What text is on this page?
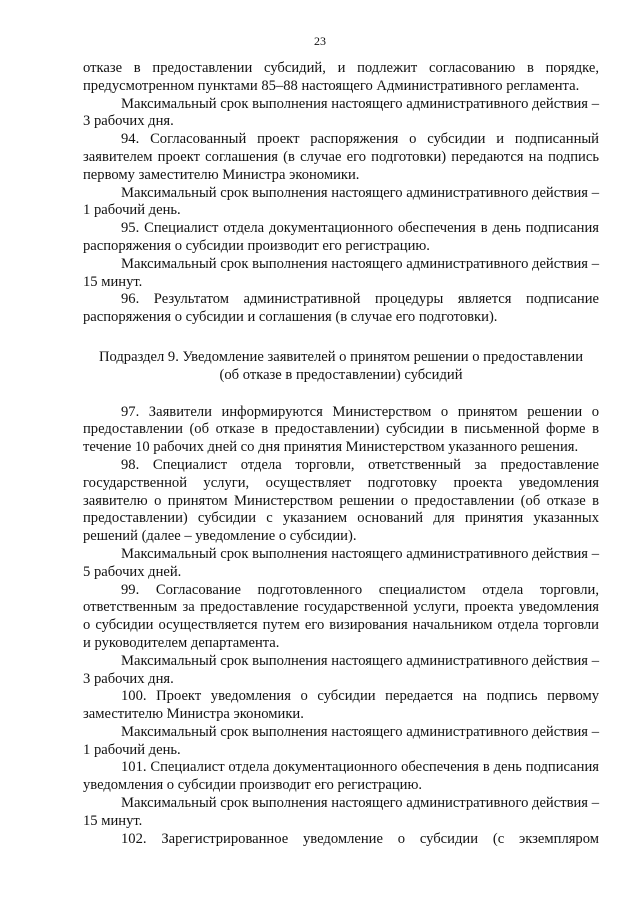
23

отказе в предоставлении субсидий, и подлежит согласованию в порядке, предусмотренном пунктами 85–88 настоящего Административного регламента.

Максимальный срок выполнения настоящего административного действия – 3 рабочих дня.

94. Согласованный проект распоряжения о субсидии и подписанный заявителем проект соглашения (в случае его подготовки) передаются на подпись первому заместителю Министра экономики.

Максимальный срок выполнения настоящего административного действия – 1 рабочий день.

95. Специалист отдела документационного обеспечения в день подписания распоряжения о субсидии производит его регистрацию.

Максимальный срок выполнения настоящего административного действия – 15 минут.

96. Результатом административной процедуры является подписание распоряжения о субсидии и соглашения (в случае его подготовки).

Подраздел 9. Уведомление заявителей о принятом решении о предоставлении
(об отказе в предоставлении) субсидий

97. Заявители информируются Министерством о принятом решении о предоставлении (об отказе в предоставлении) субсидии в письменной форме в течение 10 рабочих дней со дня принятия Министерством указанного решения.

98. Специалист отдела торговли, ответственный за предоставление государственной услуги, осуществляет подготовку проекта уведомления заявителю о принятом Министерством решении о предоставлении (об отказе в предоставлении) субсидии с указанием оснований для принятия указанных решений (далее – уведомление о субсидии).

Максимальный срок выполнения настоящего административного действия – 5 рабочих дней.

99. Согласование подготовленного специалистом отдела торговли, ответственным за предоставление государственной услуги, проекта уведомления о субсидии осуществляется путем его визирования начальником отдела торговли и руководителем департамента.

Максимальный срок выполнения настоящего административного действия – 3 рабочих дня.

100. Проект уведомления о субсидии передается на подпись первому заместителю Министра экономики.

Максимальный срок выполнения настоящего административного действия – 1 рабочий день.

101. Специалист отдела документационного обеспечения в день подписания уведомления о субсидии производит его регистрацию.

Максимальный срок выполнения настоящего административного действия – 15 минут.

102. Зарегистрированное уведомление о субсидии (с экземпляром
